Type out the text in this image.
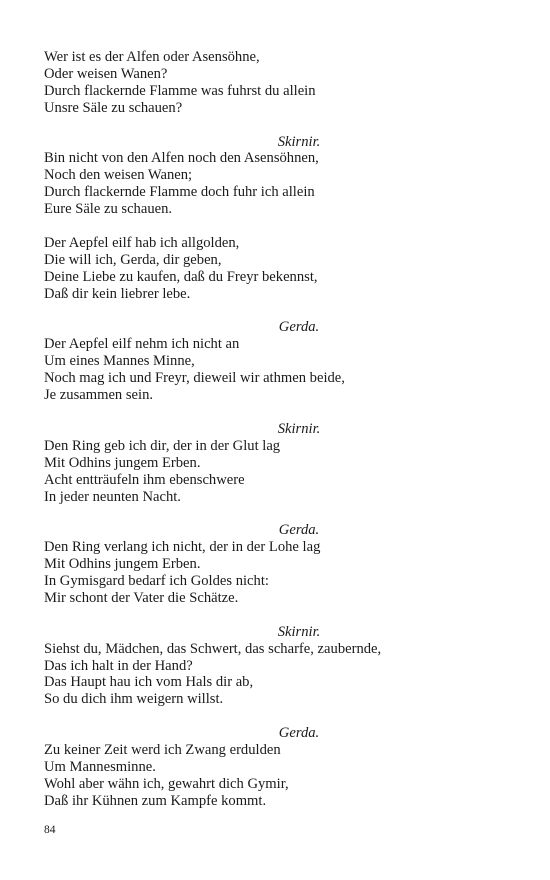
Wer ist es der Alfen oder Asensöhne,
Oder weisen Wanen?
Durch flackernde Flamme was fuhrst du allein
Unsre Säle zu schauen?
Skirnir.
Bin nicht von den Alfen noch den Asensöhnen,
Noch den weisen Wanen;
Durch flackernde Flamme doch fuhr ich allein
Eure Säle zu schauen.
Der Aepfel eilf hab ich allgolden,
Die will ich, Gerda, dir geben,
Deine Liebe zu kaufen, daß du Freyr bekennst,
Daß dir kein liebrer lebe.
Gerda.
Der Aepfel eilf nehm ich nicht an
Um eines Mannes Minne,
Noch mag ich und Freyr, dieweil wir athmen beide,
Je zusammen sein.
Skirnir.
Den Ring geb ich dir, der in der Glut lag
Mit Odhins jungem Erben.
Acht entträufeln ihm ebenschwere
In jeder neunten Nacht.
Gerda.
Den Ring verlang ich nicht, der in der Lohe lag
Mit Odhins jungem Erben.
In Gymisgard bedarf ich Goldes nicht:
Mir schont der Vater die Schätze.
Skirnir.
Siehst du, Mädchen, das Schwert, das scharfe, zaubernde,
Das ich halt in der Hand?
Das Haupt hau ich vom Hals dir ab,
So du dich ihm weigern willst.
Gerda.
Zu keiner Zeit werd ich Zwang erdulden
Um Mannesminne.
Wohl aber wähn ich, gewahrt dich Gymir,
Daß ihr Kühnen zum Kampfe kommt.
84
